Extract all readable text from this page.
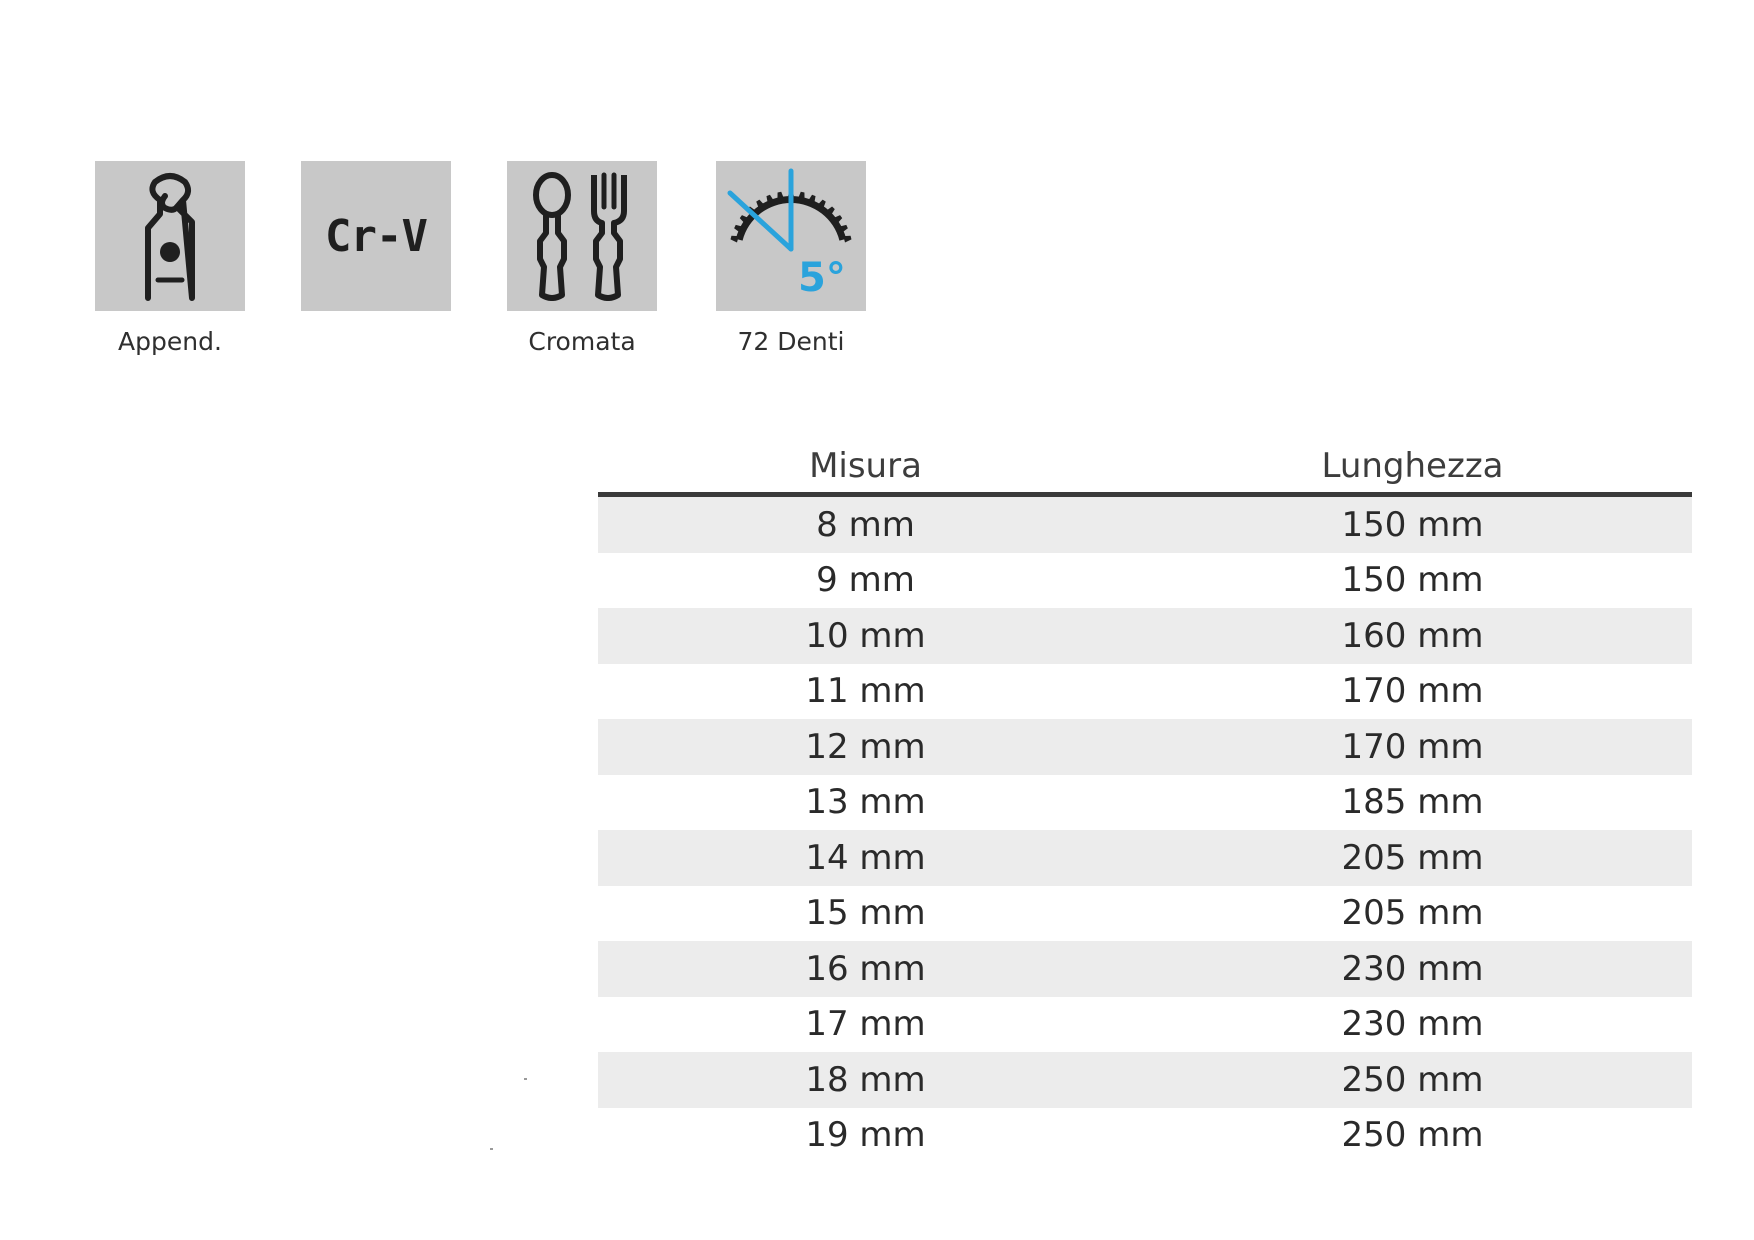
Append.
Cr-V
Cromata
5°
72 Denti
Misura	Lunghezza
8 mm	150 mm
9 mm	150 mm
10 mm	160 mm
11 mm	170 mm
12 mm	170 mm
13 mm	185 mm
14 mm	205 mm
15 mm	205 mm
16 mm	230 mm
17 mm	230 mm
18 mm	250 mm
19 mm	250 mm
